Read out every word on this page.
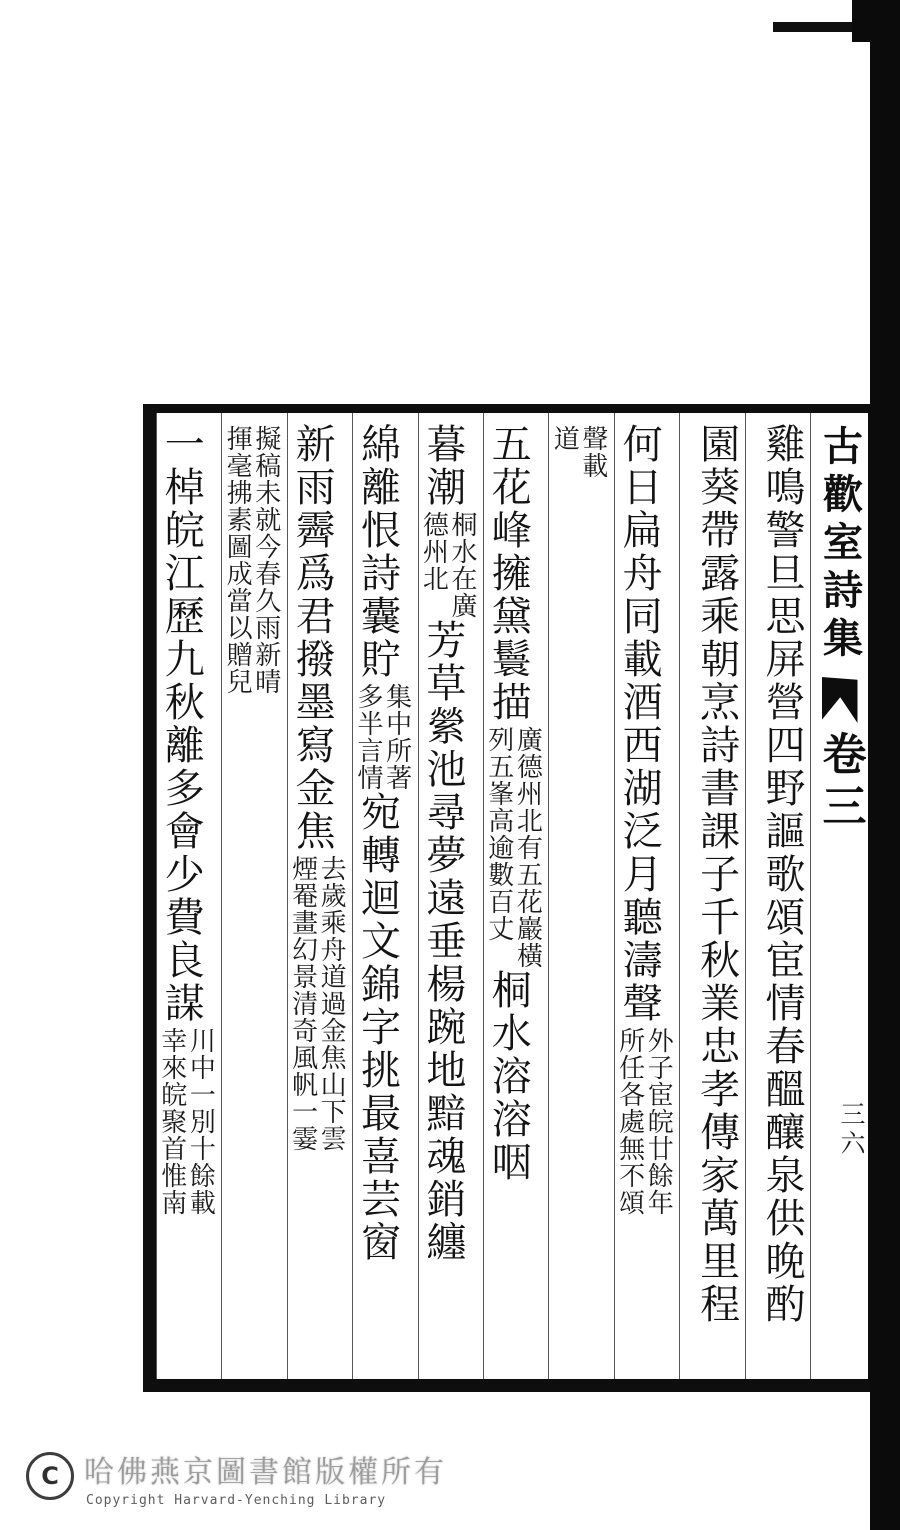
古歡室詩集
卷三
三六
雞鳴警旦思屏營四野謳歌頌宦情春醞釀泉供晚酌
園葵帶露乘朝烹詩書課子千秋業忠孝傳家萬里程
何日扁舟同載酒西湖泛月聽濤聲
外子宦皖廿餘年
所任各處無不頌
聲載
道
五花峰擁黛鬟描
廣德州北有五花巖橫
列五峯高逾數百丈
桐水溶溶咽
暮潮
桐水在廣
德州北
芳草縈池尋夢遠垂楊踠地黯魂銷纏
綿離恨詩囊貯
集中所著
多半言情
宛轉迴文錦字挑最喜芸窗
新雨霽爲君撥墨寫金焦
去歲乘舟道過金焦山下雲
煙罨畫幻景清奇風帆一霎
擬稿未就今春久雨新晴
揮毫拂素圖成當以贈兒
一棹皖江歷九秋離多會少費良謀
川中一別十餘載
幸來皖聚首惟南
C 哈佛燕京圖書館版權所有
Copyright Harvard-Yenching Library
